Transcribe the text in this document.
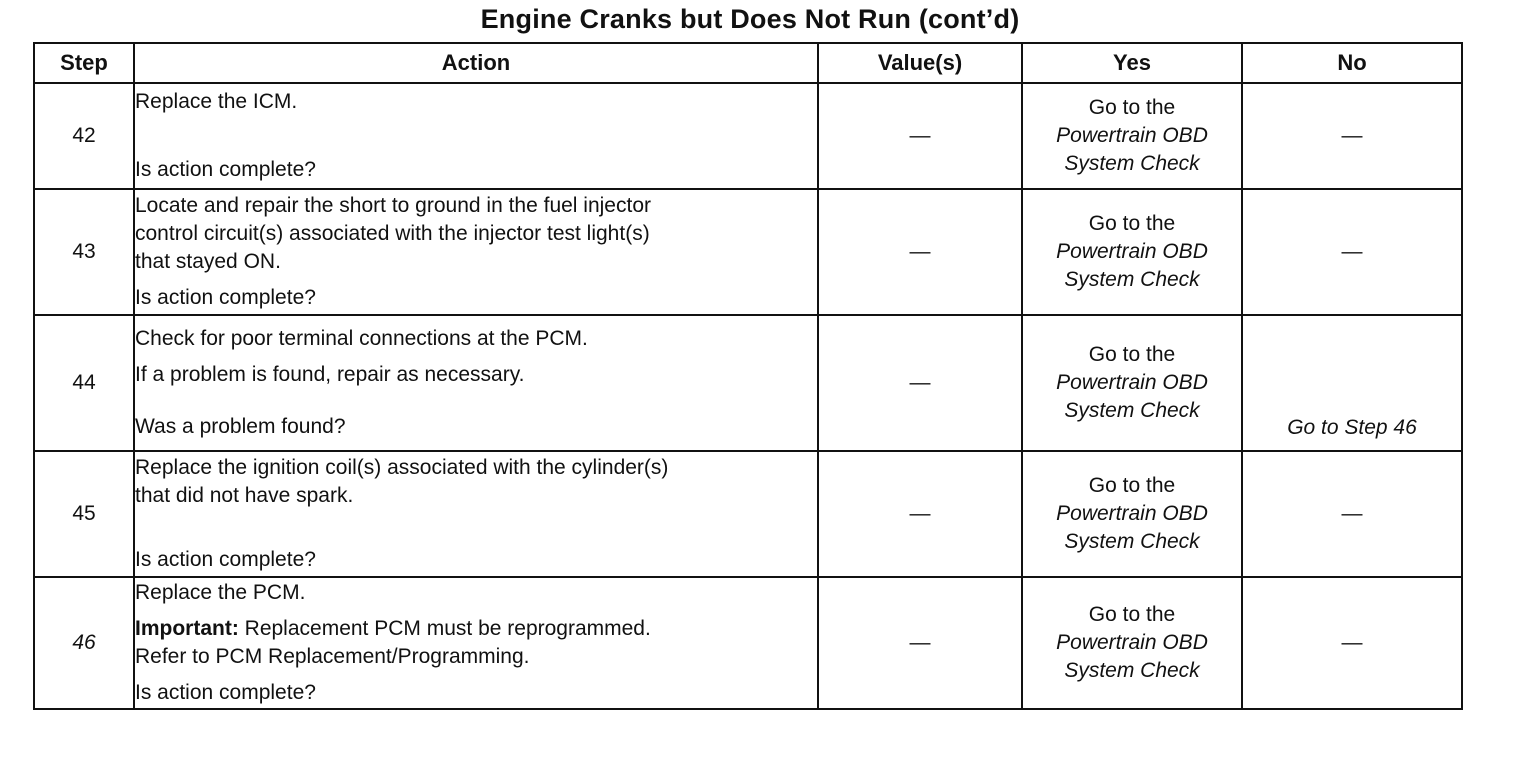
Engine Cranks but Does Not Run (cont’d)
Step	Action	Value(s)	Yes	No
42	Replace the ICM.
Is action complete?	—	Go to the
Powertrain OBD
System Check	—
43	Locate and repair the short to ground in the fuel injector
control circuit(s) associated with the injector test light(s)
that stayed ON.
Is action complete?	—	Go to the
Powertrain OBD
System Check	—
44	Check for poor terminal connections at the PCM.
If a problem is found, repair as necessary.
Was a problem found?	—	Go to the
Powertrain OBD
System Check	Go to Step 46
45	Replace the ignition coil(s) associated with the cylinder(s)
that did not have spark.
Is action complete?	—	Go to the
Powertrain OBD
System Check	—
46	Replace the PCM.
Important: Replacement PCM must be reprogrammed.
Refer to PCM Replacement/Programming.
Is action complete?	—	Go to the
Powertrain OBD
System Check	—
